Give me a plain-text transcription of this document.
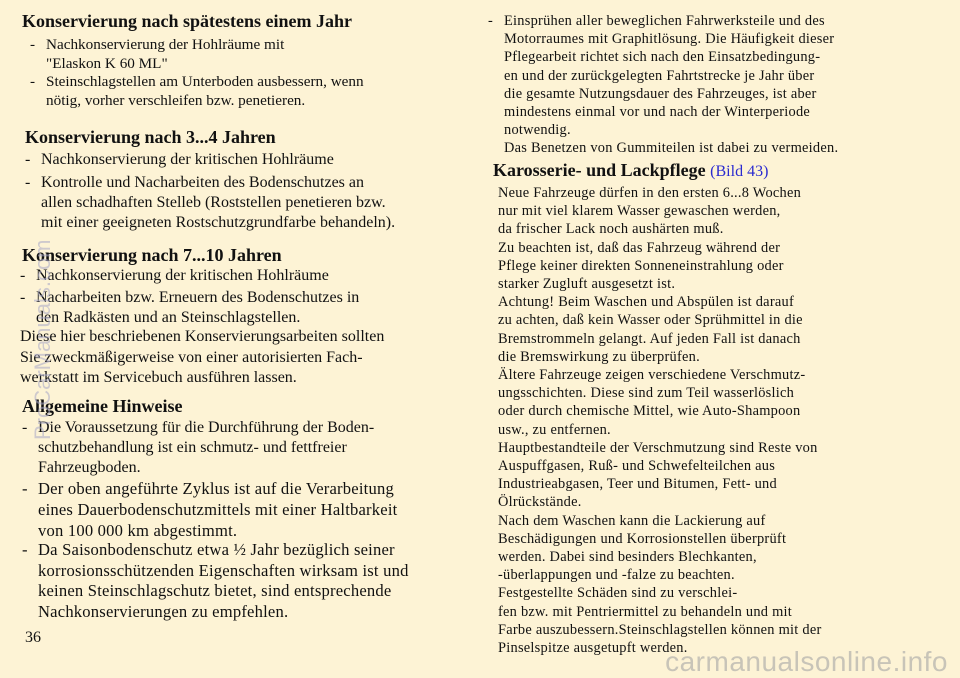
Konservierung nach spätestens einem Jahr
- Nachkonservierung der Hohlräume mit
"Elaskon K 60 ML"
- Steinschlagstellen am Unterboden ausbessern, wenn
nötig, vorher verschleifen bzw. penetieren.
Konservierung nach 3...4 Jahren
- Nachkonservierung der kritischen Hohlräume
- Kontrolle und Nacharbeiten des Bodenschutzes an
allen schadhaften Stelleb (Roststellen penetieren bzw.
mit einer geeigneten Rostschutzgrundfarbe behandeln).
Konservierung nach 7...10 Jahren
- Nachkonservierung der kritischen Hohlräume
- Nacharbeiten bzw. Erneuern des Bodenschutzes in
den Radkästen und an Steinschlagstellen.
Diese hier beschriebenen Konservierungsarbeiten sollten
Sie zweckmäßigerweise von einer autorisierten Fach-
werkstatt im Servicebuch ausführen lassen.
Allgemeine Hinweise
- Die Voraussetzung für die Durchführung der Boden-
schutzbehandlung ist ein schmutz- und fettfreier
Fahrzeugboden.
- Der oben angeführte Zyklus ist auf die Verarbeitung
eines Dauerbodenschutzmittels mit einer Haltbarkeit
von 100 000 km abgestimmt.
- Da Saisonbodenschutz etwa ½ Jahr bezüglich seiner
korrosionsschützenden Eigenschaften wirksam ist und
keinen Steinschlagschutz bietet, sind entsprechende
Nachkonservierungen zu empfehlen.
36
- Einsprühen aller beweglichen Fahrwerksteile und des
Motorraumes mit Graphitlösung. Die Häufigkeit dieser
Pflegearbeit richtet sich nach den Einsatzbedingung-
en und der zurückgelegten Fahrtstrecke je Jahr über
die gesamte Nutzungsdauer des Fahrzeuges, ist aber
mindestens einmal vor und nach der Winterperiode
notwendig.
Das Benetzen von Gummiteilen ist dabei zu vermeiden.
Karosserie- und Lackpflege (Bild 43)
Neue Fahrzeuge dürfen in den ersten 6...8 Wochen
nur mit viel klarem Wasser gewaschen werden,
da frischer Lack noch aushärten muß.
Zu beachten ist, daß das Fahrzeug während der
Pflege keiner direkten Sonneneinstrahlung oder
starker Zugluft ausgesetzt ist.
Achtung! Beim Waschen und Abspülen ist darauf
zu achten, daß kein Wasser oder Sprühmittel in die
Bremstrommeln gelangt. Auf jeden Fall ist danach
die Bremswirkung zu überprüfen.
Ältere Fahrzeuge zeigen verschiedene Verschmutz-
ungsschichten. Diese sind zum Teil wasserlöslich
oder durch chemische Mittel, wie Auto-Shampoon
usw., zu entfernen.
Hauptbestandteile der Verschmutzung sind Reste von
Auspuffgasen, Ruß- und Schwefelteilchen aus
Industrieabgasen, Teer und Bitumen, Fett- und
Ölrückstände.
Nach dem Waschen kann die Lackierung auf
Beschädigungen und Korrosionstellen überprüft
werden. Dabei sind besinders Blechkanten,
-überlappungen und -falze zu beachten.
Festgestellte Schäden sind zu verschlei-
fen bzw. mit Pentriermittel zu behandeln und mit
Farbe auszubessern.Steinschlagstellen können mit der
Pinselspitze ausgetupft werden.
ProCarManuals.com
carmanualsonline.info
